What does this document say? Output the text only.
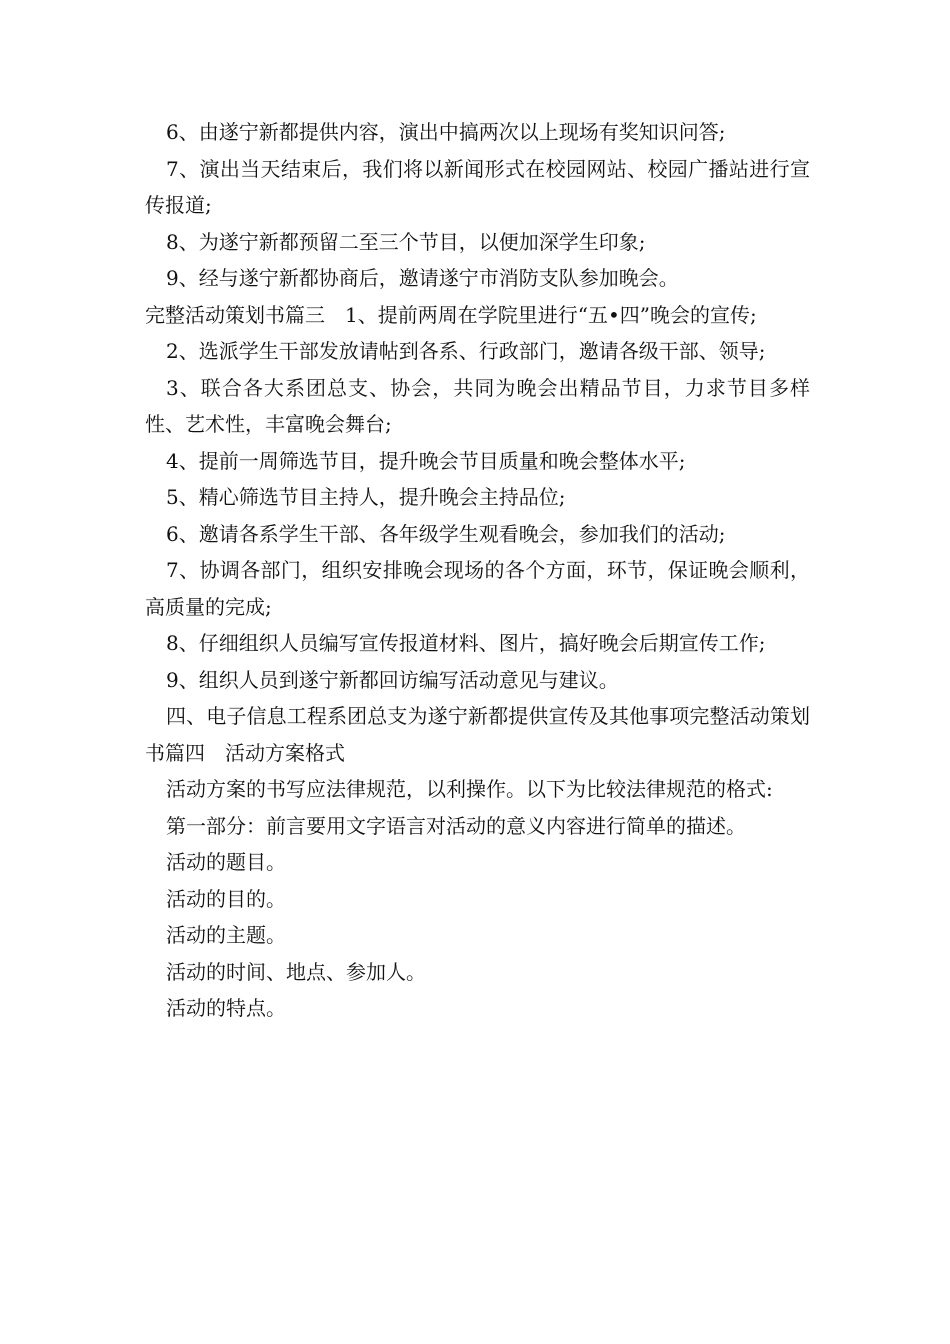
6、由遂宁新都提供内容，演出中搞两次以上现场有奖知识问答;

7、演出当天结束后，我们将以新闻形式在校园网站、校园广播站进行宣传报道;

8、为遂宁新都预留二至三个节目，以便加深学生印象;

9、经与遂宁新都协商后，邀请遂宁市消防支队参加晚会。

完整活动策划书篇三　1、提前两周在学院里进行“五•四”晚会的宣传;

2、选派学生干部发放请帖到各系、行政部门，邀请各级干部、领导;

3、联合各大系团总支、协会，共同为晚会出精品节目，力求节目多样性、艺术性，丰富晚会舞台;

4、提前一周筛选节目，提升晚会节目质量和晚会整体水平;

5、精心筛选节目主持人，提升晚会主持品位;

6、邀请各系学生干部、各年级学生观看晚会，参加我们的活动;

7、协调各部门，组织安排晚会现场的各个方面，环节，保证晚会顺利，高质量的完成;

8、仔细组织人员编写宣传报道材料、图片，搞好晚会后期宣传工作;

9、组织人员到遂宁新都回访编写活动意见与建议。

四、电子信息工程系团总支为遂宁新都提供宣传及其他事项完整活动策划书篇四　活动方案格式

活动方案的书写应法律规范，以利操作。以下为比较法律规范的格式:

第一部分：前言要用文字语言对活动的意义内容进行简单的描述。

活动的题目。

活动的目的。

活动的主题。

活动的时间、地点、参加人。

活动的特点。
